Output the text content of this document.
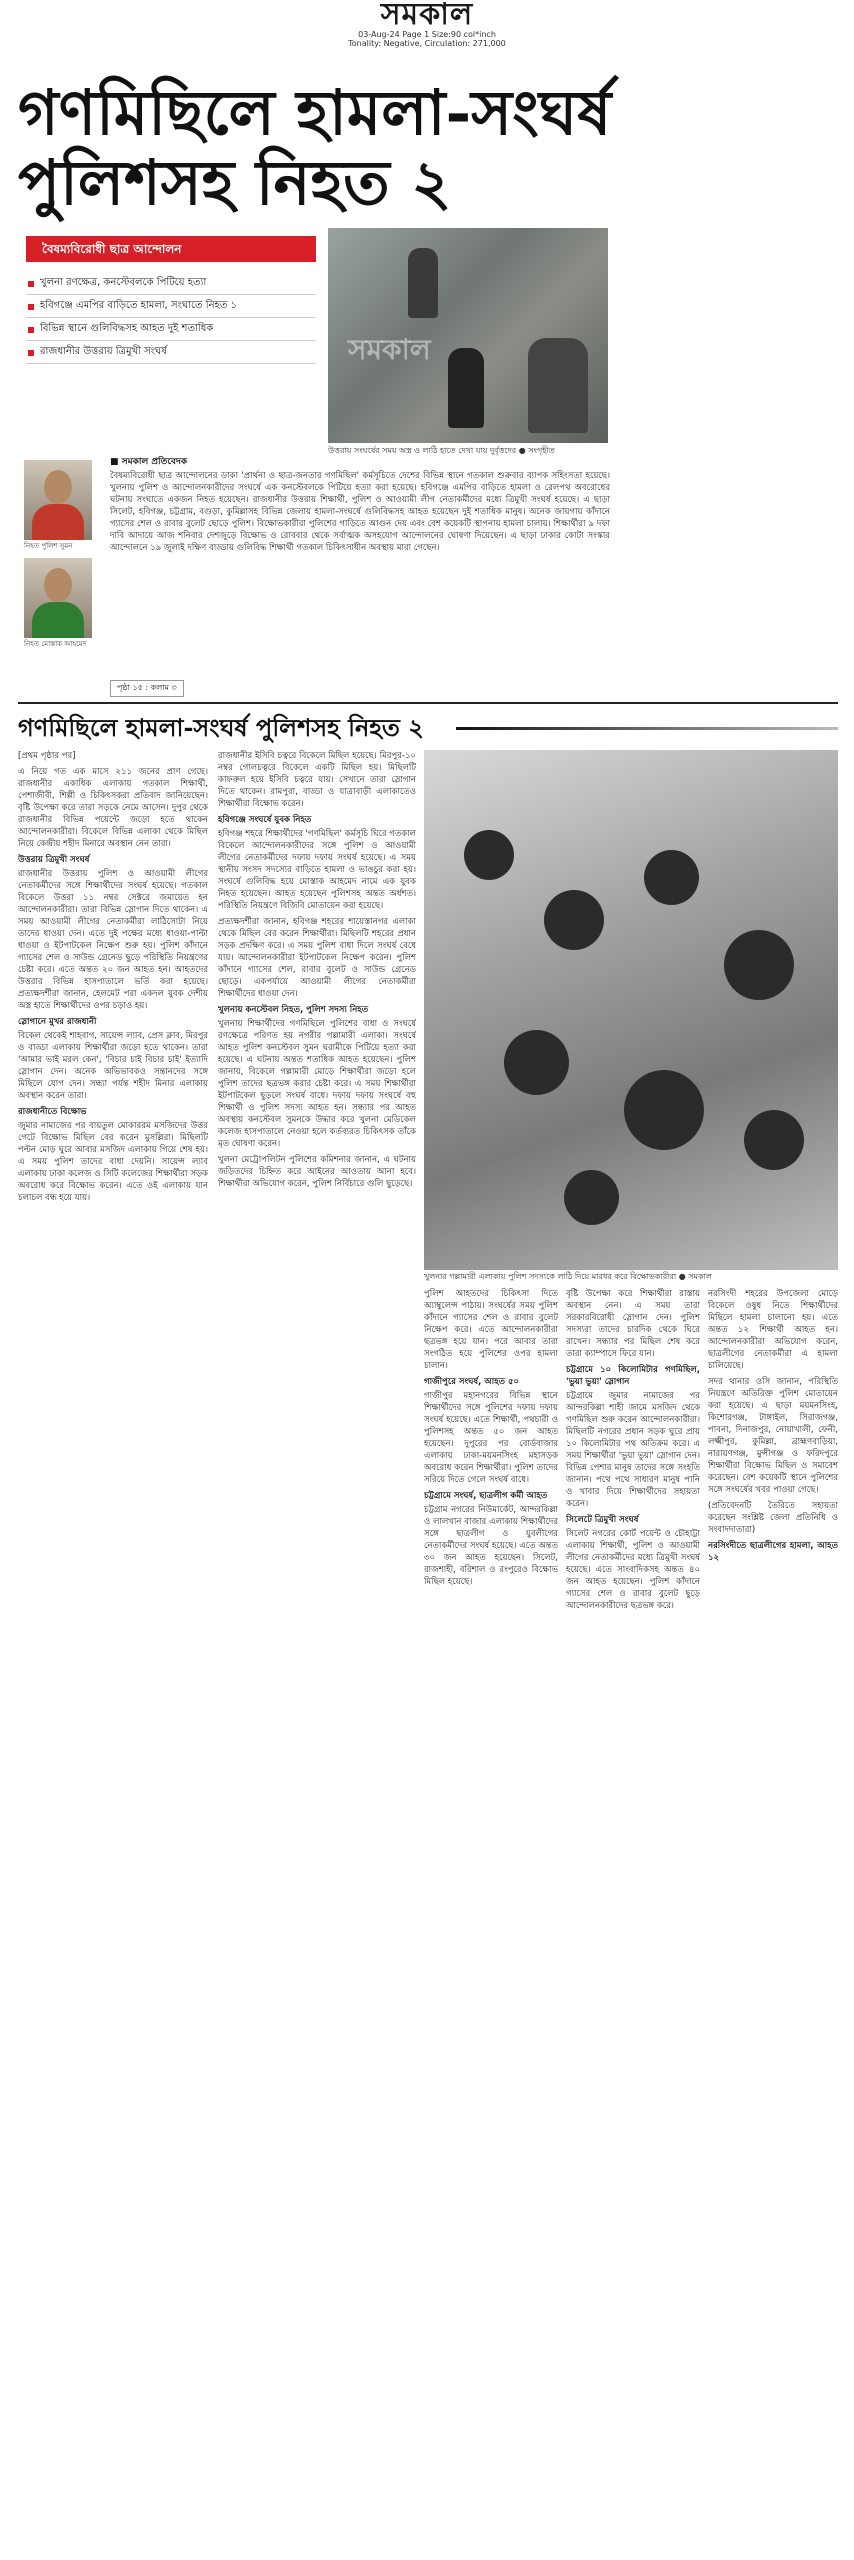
সমকাল
03-Aug-24 Page 1 Size:90 col*inch
Tonality: Negative, Circulation: 271,000
গণমিছিলে হামলা-সংঘর্ষ
পুলিশসহ নিহত ২
বৈষম্যবিরোধী ছাত্র আন্দোলন
খুলনা রণক্ষেত্র, কনস্টেবলকে পিটিয়ে হত্যা
হবিগঞ্জে এমপির বাড়িতে হামলা, সংঘাতে নিহত ১
বিভিন্ন স্থানে গুলিবিদ্ধসহ আহত দুই শতাধিক
রাজধানীর উত্তরায় ত্রিমুখী সংঘর্ষ	সমকাল
উত্তরায় সংঘর্ষের সময় অস্ত্র ও লাঠি হাতে দেখা যায় দুর্বৃত্তদের ● সংগৃহীত
নিহত পুলিশ সুমন
নিহত মোস্তাক আহমেদ
■ সমকাল প্রতিবেদক
বৈষম্যবিরোধী ছাত্র আন্দোলনের ডাকা 'প্রার্থনা ও ছাত্র-জনতার গণমিছিল' কর্মসূচিতে দেশের বিভিন্ন স্থানে গতকাল শুক্রবার ব্যাপক সহিংসতা হয়েছে। খুলনায় পুলিশ ও আন্দোলনকারীদের সংঘর্ষে এক কনস্টেবলকে পিটিয়ে হত্যা করা হয়েছে। হবিগঞ্জে এমপির বাড়িতে হামলা ও রেলপথ অবরোধের ঘটনায় সংঘাতে একজন নিহত হয়েছেন। রাজধানীর উত্তরায় শিক্ষার্থী, পুলিশ ও আওয়ামী লীগ নেতাকর্মীদের মধ্যে ত্রিমুখী সংঘর্ষ হয়েছে। এ ছাড়া সিলেট, হবিগঞ্জ, চট্টগ্রাম, বগুড়া, কুমিল্লাসহ বিভিন্ন জেলায় হামলা-সংঘর্ষে গুলিবিদ্ধসহ আহত হয়েছেন দুই শতাধিক মানুষ। অনেক জায়গায় কাঁদানে গ্যাসের শেল ও রাবার বুলেট ছোড়ে পুলিশ। বিক্ষোভকারীরা পুলিশের গাড়িতে আগুন দেয় এবং বেশ কয়েকটি স্থাপনায় হামলা চালায়। শিক্ষার্থীরা ৯ দফা দাবি আদায়ে আজ শনিবার দেশজুড়ে বিক্ষোভ ও রোববার থেকে সর্বাত্মক অসহযোগ আন্দোলনের ঘোষণা দিয়েছেন। এ ছাড়া ঢাকার কোটা সংস্কার আন্দোলনে ১৯ জুলাই দক্ষিণ বাড্ডায় গুলিবিদ্ধ শিক্ষার্থী গতকাল চিকিৎসাধীন অবস্থায় মারা গেছেন।
পৃষ্ঠা ১৫ : কলাম ৩
গণমিছিলে হামলা-সংঘর্ষ পুলিশসহ নিহত ২

[প্রথম পৃষ্ঠার পর]

এ নিয়ে গত এক মাসে ২১১ জনের প্রাণ গেছে। রাজধানীর একাধিক এলাকায় গতকাল শিক্ষার্থী, পেশাজীবী, শিল্পী ও চিকিৎসকরা প্রতিবাদ জানিয়েছেন। বৃষ্টি উপেক্ষা করে তারা সড়কে নেমে আসেন। দুপুর থেকে রাজধানীর বিভিন্ন পয়েন্টে জড়ো হতে থাকেন আন্দোলনকারীরা। বিকেলে বিভিন্ন এলাকা থেকে মিছিল নিয়ে কেন্দ্রীয় শহীদ মিনারে অবস্থান নেন তারা।

উত্তরায় ত্রিমুখী সংঘর্ষ

রাজধানীর উত্তরায় পুলিশ ও আওয়ামী লীগের নেতাকর্মীদের সঙ্গে শিক্ষার্থীদের সংঘর্ষ হয়েছে। গতকাল বিকেলে উত্তরা ১১ নম্বর সেক্টরে জমায়েত হন আন্দোলনকারীরা। তারা বিভিন্ন স্লোগান দিতে থাকেন। এ সময় আওয়ামী লীগের নেতাকর্মীরা লাঠিসোটা নিয়ে তাদের ধাওয়া দেন। এতে দুই পক্ষের মধ্যে ধাওয়া-পাল্টা ধাওয়া ও ইটপাটকেল নিক্ষেপ শুরু হয়। পুলিশ কাঁদানে গ্যাসের শেল ও সাউন্ড গ্রেনেড ছুড়ে পরিস্থিতি নিয়ন্ত্রণের চেষ্টা করে। এতে অন্তত ২০ জন আহত হন। আহতদের উত্তরার বিভিন্ন হাসপাতালে ভর্তি করা হয়েছে। প্রত্যক্ষদর্শীরা জানান, হেলমেট পরা একদল যুবক দেশীয় অস্ত্র হাতে শিক্ষার্থীদের ওপর চড়াও হয়।

স্লোগানে মুখর রাজধানী

বিকেল থেকেই শাহবাগ, সায়েন্স ল্যাব, প্রেস ক্লাব, মিরপুর ও বাড্ডা এলাকায় শিক্ষার্থীরা জড়ো হতে থাকেন। তারা 'আমার ভাই মরল কেন', 'বিচার চাই বিচার চাই' ইত্যাদি স্লোগান দেন। অনেক অভিভাবকও সন্তানদের সঙ্গে মিছিলে যোগ দেন। সন্ধ্যা পর্যন্ত শহীদ মিনার এলাকায় অবস্থান করেন তারা।

রাজধানীতে বিক্ষোভ

জুমার নামাজের পর বায়তুল মোকাররম মসজিদের উত্তর গেটে বিক্ষোভ মিছিল বের করেন মুসল্লিরা। মিছিলটি পল্টন মোড় ঘুরে আবার মসজিদ এলাকায় গিয়ে শেষ হয়। এ সময় পুলিশ তাদের বাধা দেয়নি। সায়েন্স ল্যাব এলাকায় ঢাকা কলেজ ও সিটি কলেজের শিক্ষার্থীরা সড়ক অবরোধ করে বিক্ষোভ করেন। এতে ওই এলাকায় যান চলাচল বন্ধ হয়ে যায়।

রাজধানীর ইসিবি চত্বরে বিকেলে মিছিল হয়েছে। মিরপুর-১০ নম্বর গোলচত্বরে বিকেলে একটি মিছিল হয়। মিছিলটি কাফরুল হয়ে ইসিবি চত্বরে যায়। সেখানে তারা স্লোগান দিতে থাকেন। রামপুরা, বাড্ডা ও যাত্রাবাড়ী এলাকাতেও শিক্ষার্থীরা বিক্ষোভ করেন।

হবিগঞ্জে সংঘর্ষে যুবক নিহত

হবিগঞ্জ শহরে শিক্ষার্থীদের 'গণমিছিল' কর্মসূচি ঘিরে গতকাল বিকেলে আন্দোলনকারীদের সঙ্গে পুলিশ ও আওয়ামী লীগের নেতাকর্মীদের দফায় দফায় সংঘর্ষ হয়েছে। এ সময় স্থানীয় সংসদ সদস্যের বাড়িতে হামলা ও ভাঙচুর করা হয়। সংঘর্ষে গুলিবিদ্ধ হয়ে মোস্তাক আহমেদ নামে এক যুবক নিহত হয়েছেন। আহত হয়েছেন পুলিশসহ অন্তত অর্ধশত। পরিস্থিতি নিয়ন্ত্রণে বিজিবি মোতায়েন করা হয়েছে।

প্রত্যক্ষদর্শীরা জানান, হবিগঞ্জ শহরের শায়েস্তানগর এলাকা থেকে মিছিল বের করেন শিক্ষার্থীরা। মিছিলটি শহরের প্রধান সড়ক প্রদক্ষিণ করে। এ সময় পুলিশ বাধা দিলে সংঘর্ষ বেধে যায়। আন্দোলনকারীরা ইটপাটকেল নিক্ষেপ করেন। পুলিশ কাঁদানে গ্যাসের শেল, রাবার বুলেট ও সাউন্ড গ্রেনেড ছোড়ে। একপর্যায়ে আওয়ামী লীগের নেতাকর্মীরা শিক্ষার্থীদের ধাওয়া দেন।

খুলনায় কনস্টেবল নিহত, পুলিশ সদস্য নিহত

খুলনায় শিক্ষার্থীদের গণমিছিলে পুলিশের বাধা ও সংঘর্ষে রণক্ষেত্রে পরিণত হয় নগরীর গল্লামারী এলাকা। সংঘর্ষে আহত পুলিশ কনস্টেবল সুমন ঘরামীকে পিটিয়ে হত্যা করা হয়েছে। এ ঘটনায় অন্তত শতাধিক আহত হয়েছেন। পুলিশ জানায়, বিকেলে গল্লামারী মোড়ে শিক্ষার্থীরা জড়ো হলে পুলিশ তাদের ছত্রভঙ্গ করার চেষ্টা করে। এ সময় শিক্ষার্থীরা ইটপাটকেল ছুড়লে সংঘর্ষ বাধে। দফায় দফায় সংঘর্ষে বহু শিক্ষার্থী ও পুলিশ সদস্য আহত হন। সন্ধ্যার পর আহত অবস্থায় কনস্টেবল সুমনকে উদ্ধার করে খুলনা মেডিকেল কলেজ হাসপাতালে নেওয়া হলে কর্তব্যরত চিকিৎসক তাঁকে মৃত ঘোষণা করেন।

খুলনা মেট্রোপলিটন পুলিশের কমিশনার জানান, এ ঘটনায় জড়িতদের চিহ্নিত করে আইনের আওতায় আনা হবে। শিক্ষার্থীরা অভিযোগ করেন, পুলিশ নির্বিচারে গুলি ছুড়েছে।

খুলনার গল্লামারী এলাকায় পুলিশ সদস্যকে লাঠি দিয়ে মারধর করে বিক্ষোভকারীরা ● সমকাল

পুলিশ আহতদের চিকিৎসা দিতে অ্যাম্বুলেন্স পাঠায়। সংঘর্ষের সময় পুলিশ কাঁদানে গ্যাসের শেল ও রাবার বুলেট নিক্ষেপ করে। এতে আন্দোলনকারীরা ছত্রভঙ্গ হয়ে যান। পরে আবার তারা সংগঠিত হয়ে পুলিশের ওপর হামলা চালান।

গাজীপুরে সংঘর্ষ, আহত ৫০

গাজীপুর মহানগরের বিভিন্ন স্থানে শিক্ষার্থীদের সঙ্গে পুলিশের দফায় দফায় সংঘর্ষ হয়েছে। এতে শিক্ষার্থী, পথচারী ও পুলিশসহ অন্তত ৫০ জন আহত হয়েছেন। দুপুরের পর বোর্ডবাজার এলাকায় ঢাকা-ময়মনসিংহ মহাসড়ক অবরোধ করেন শিক্ষার্থীরা। পুলিশ তাদের সরিয়ে দিতে গেলে সংঘর্ষ বাধে।

চট্টগ্রামে সংঘর্ষ, ছাত্রলীগ কর্মী আহত

চট্টগ্রাম নগরের নিউমার্কেট, আন্দরকিল্লা ও লালখান বাজার এলাকায় শিক্ষার্থীদের সঙ্গে ছাত্রলীগ ও যুবলীগের নেতাকর্মীদের সংঘর্ষ হয়েছে। এতে অন্তত ৩০ জন আহত হয়েছেন। সিলেট, রাজশাহী, বরিশাল ও রংপুরেও বিক্ষোভ মিছিল হয়েছে।

বৃষ্টি উপেক্ষা করে শিক্ষার্থীরা রাস্তায় অবস্থান নেন। এ সময় তারা সরকারবিরোধী স্লোগান দেন। পুলিশ সদস্যরা তাদের চারদিক থেকে ঘিরে রাখেন। সন্ধ্যার পর মিছিল শেষ করে তারা ক্যাম্পাসে ফিরে যান।

চট্টগ্রামে ১০ কিলোমিটার গণমিছিল, 'ভুয়া ভুয়া' স্লোগান

চট্টগ্রামে জুমার নামাজের পর আন্দরকিল্লা শাহী জামে মসজিদ থেকে গণমিছিল শুরু করেন আন্দোলনকারীরা। মিছিলটি নগরের প্রধান সড়ক ঘুরে প্রায় ১০ কিলোমিটার পথ অতিক্রম করে। এ সময় শিক্ষার্থীরা 'ভুয়া ভুয়া' স্লোগান দেন। বিভিন্ন পেশার মানুষ তাদের সঙ্গে সংহতি জানান। পথে পথে সাধারণ মানুষ পানি ও খাবার দিয়ে শিক্ষার্থীদের সহায়তা করেন।

সিলেটে ত্রিমুখী সংঘর্ষ

সিলেট নগরের কোর্ট পয়েন্ট ও চৌহাট্টা এলাকায় শিক্ষার্থী, পুলিশ ও আওয়ামী লীগের নেতাকর্মীদের মধ্যে ত্রিমুখী সংঘর্ষ হয়েছে। এতে সাংবাদিকসহ অন্তত ৪০ জন আহত হয়েছেন। পুলিশ কাঁদানে গ্যাসের শেল ও রাবার বুলেট ছুড়ে আন্দোলনকারীদের ছত্রভঙ্গ করে।

নরসিংদী শহরের উপজেলা মোড়ে বিকেলে ওষুধ নিতে শিক্ষার্থীদের মিছিলে হামলা চালানো হয়। এতে অন্তত ১২ শিক্ষার্থী আহত হন। আন্দোলনকারীরা অভিযোগ করেন, ছাত্রলীগের নেতাকর্মীরা এ হামলা চালিয়েছে।

সদর থানার ওসি জানান, পরিস্থিতি নিয়ন্ত্রণে অতিরিক্ত পুলিশ মোতায়েন করা হয়েছে। এ ছাড়া ময়মনসিংহ, কিশোরগঞ্জ, টাঙ্গাইল, সিরাজগঞ্জ, পাবনা, দিনাজপুর, নোয়াখালী, ফেনী, লক্ষ্মীপুর, কুমিল্লা, ব্রাহ্মণবাড়িয়া, নারায়ণগঞ্জ, মুন্সীগঞ্জ ও ফরিদপুরে শিক্ষার্থীরা বিক্ষোভ মিছিল ও সমাবেশ করেছেন। বেশ কয়েকটি স্থানে পুলিশের সঙ্গে সংঘর্ষের খবর পাওয়া গেছে।

(প্রতিবেদনটি তৈরিতে সহায়তা করেছেন সংশ্লিষ্ট জেলা প্রতিনিধি ও সংবাদদাতারা)

নরসিংদীতে ছাত্রলীগের হামলা, আহত ১২
